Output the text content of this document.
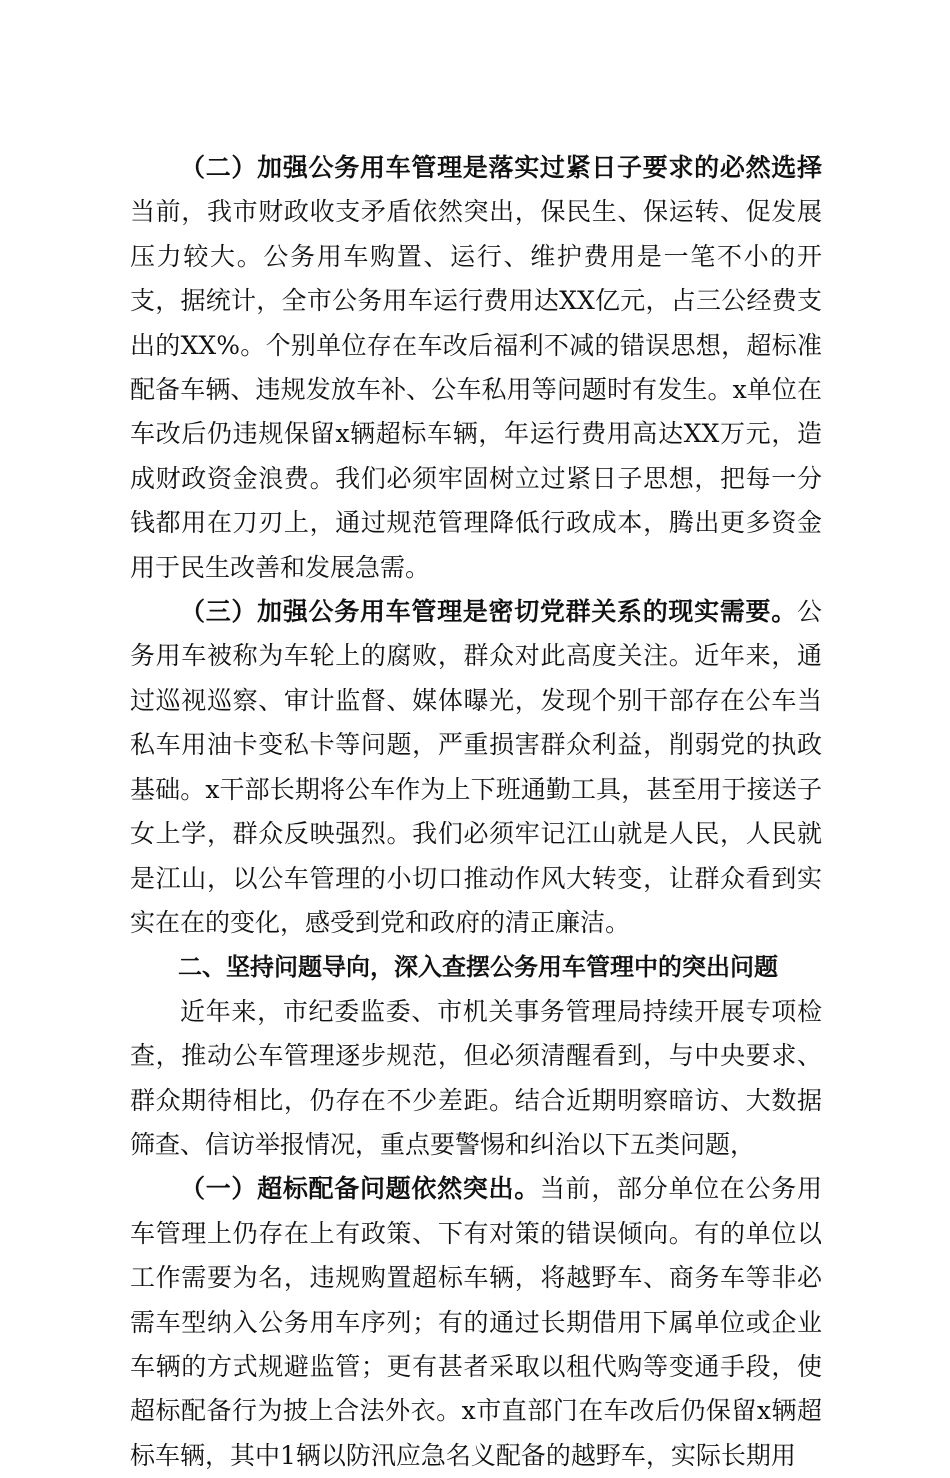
（二）加强公务用车管理是落实过紧日子要求的必然选择当前，我市财政收支矛盾依然突出，保民生、保运转、促发展压力较大。公务用车购置、运行、维护费用是一笔不小的开支，据统计，全市公务用车运行费用达XX亿元，占三公经费支出的XX%。个别单位存在车改后福利不减的错误思想，超标准配备车辆、违规发放车补、公车私用等问题时有发生。x单位在车改后仍违规保留x辆超标车辆，年运行费用高达XX万元，造成财政资金浪费。我们必须牢固树立过紧日子思想，把每一分钱都用在刀刃上，通过规范管理降低行政成本，腾出更多资金用于民生改善和发展急需。

（三）加强公务用车管理是密切党群关系的现实需要。公务用车被称为车轮上的腐败，群众对此高度关注。近年来，通过巡视巡察、审计监督、媒体曝光，发现个别干部存在公车当私车用油卡变私卡等问题，严重损害群众利益，削弱党的执政基础。x干部长期将公车作为上下班通勤工具，甚至用于接送子女上学，群众反映强烈。我们必须牢记江山就是人民，人民就是江山，以公车管理的小切口推动作风大转变，让群众看到实实在在的变化，感受到党和政府的清正廉洁。

二、坚持问题导向，深入查摆公务用车管理中的突出问题

近年来，市纪委监委、市机关事务管理局持续开展专项检查，推动公车管理逐步规范，但必须清醒看到，与中央要求、群众期待相比，仍存在不少差距。结合近期明察暗访、大数据筛查、信访举报情况，重点要警惕和纠治以下五类问题，

（一）超标配备问题依然突出。当前，部分单位在公务用车管理上仍存在上有政策、下有对策的错误倾向。有的单位以工作需要为名，违规购置超标车辆，将越野车、商务车等非必需车型纳入公务用车序列；有的通过长期借用下属单位或企业车辆的方式规避监管；更有甚者采取以租代购等变通手段，使超标配备行为披上合法外衣。x市直部门在车改后仍保留x辆超标车辆，其中1辆以防汛应急名义配备的越野车，实际长期用
